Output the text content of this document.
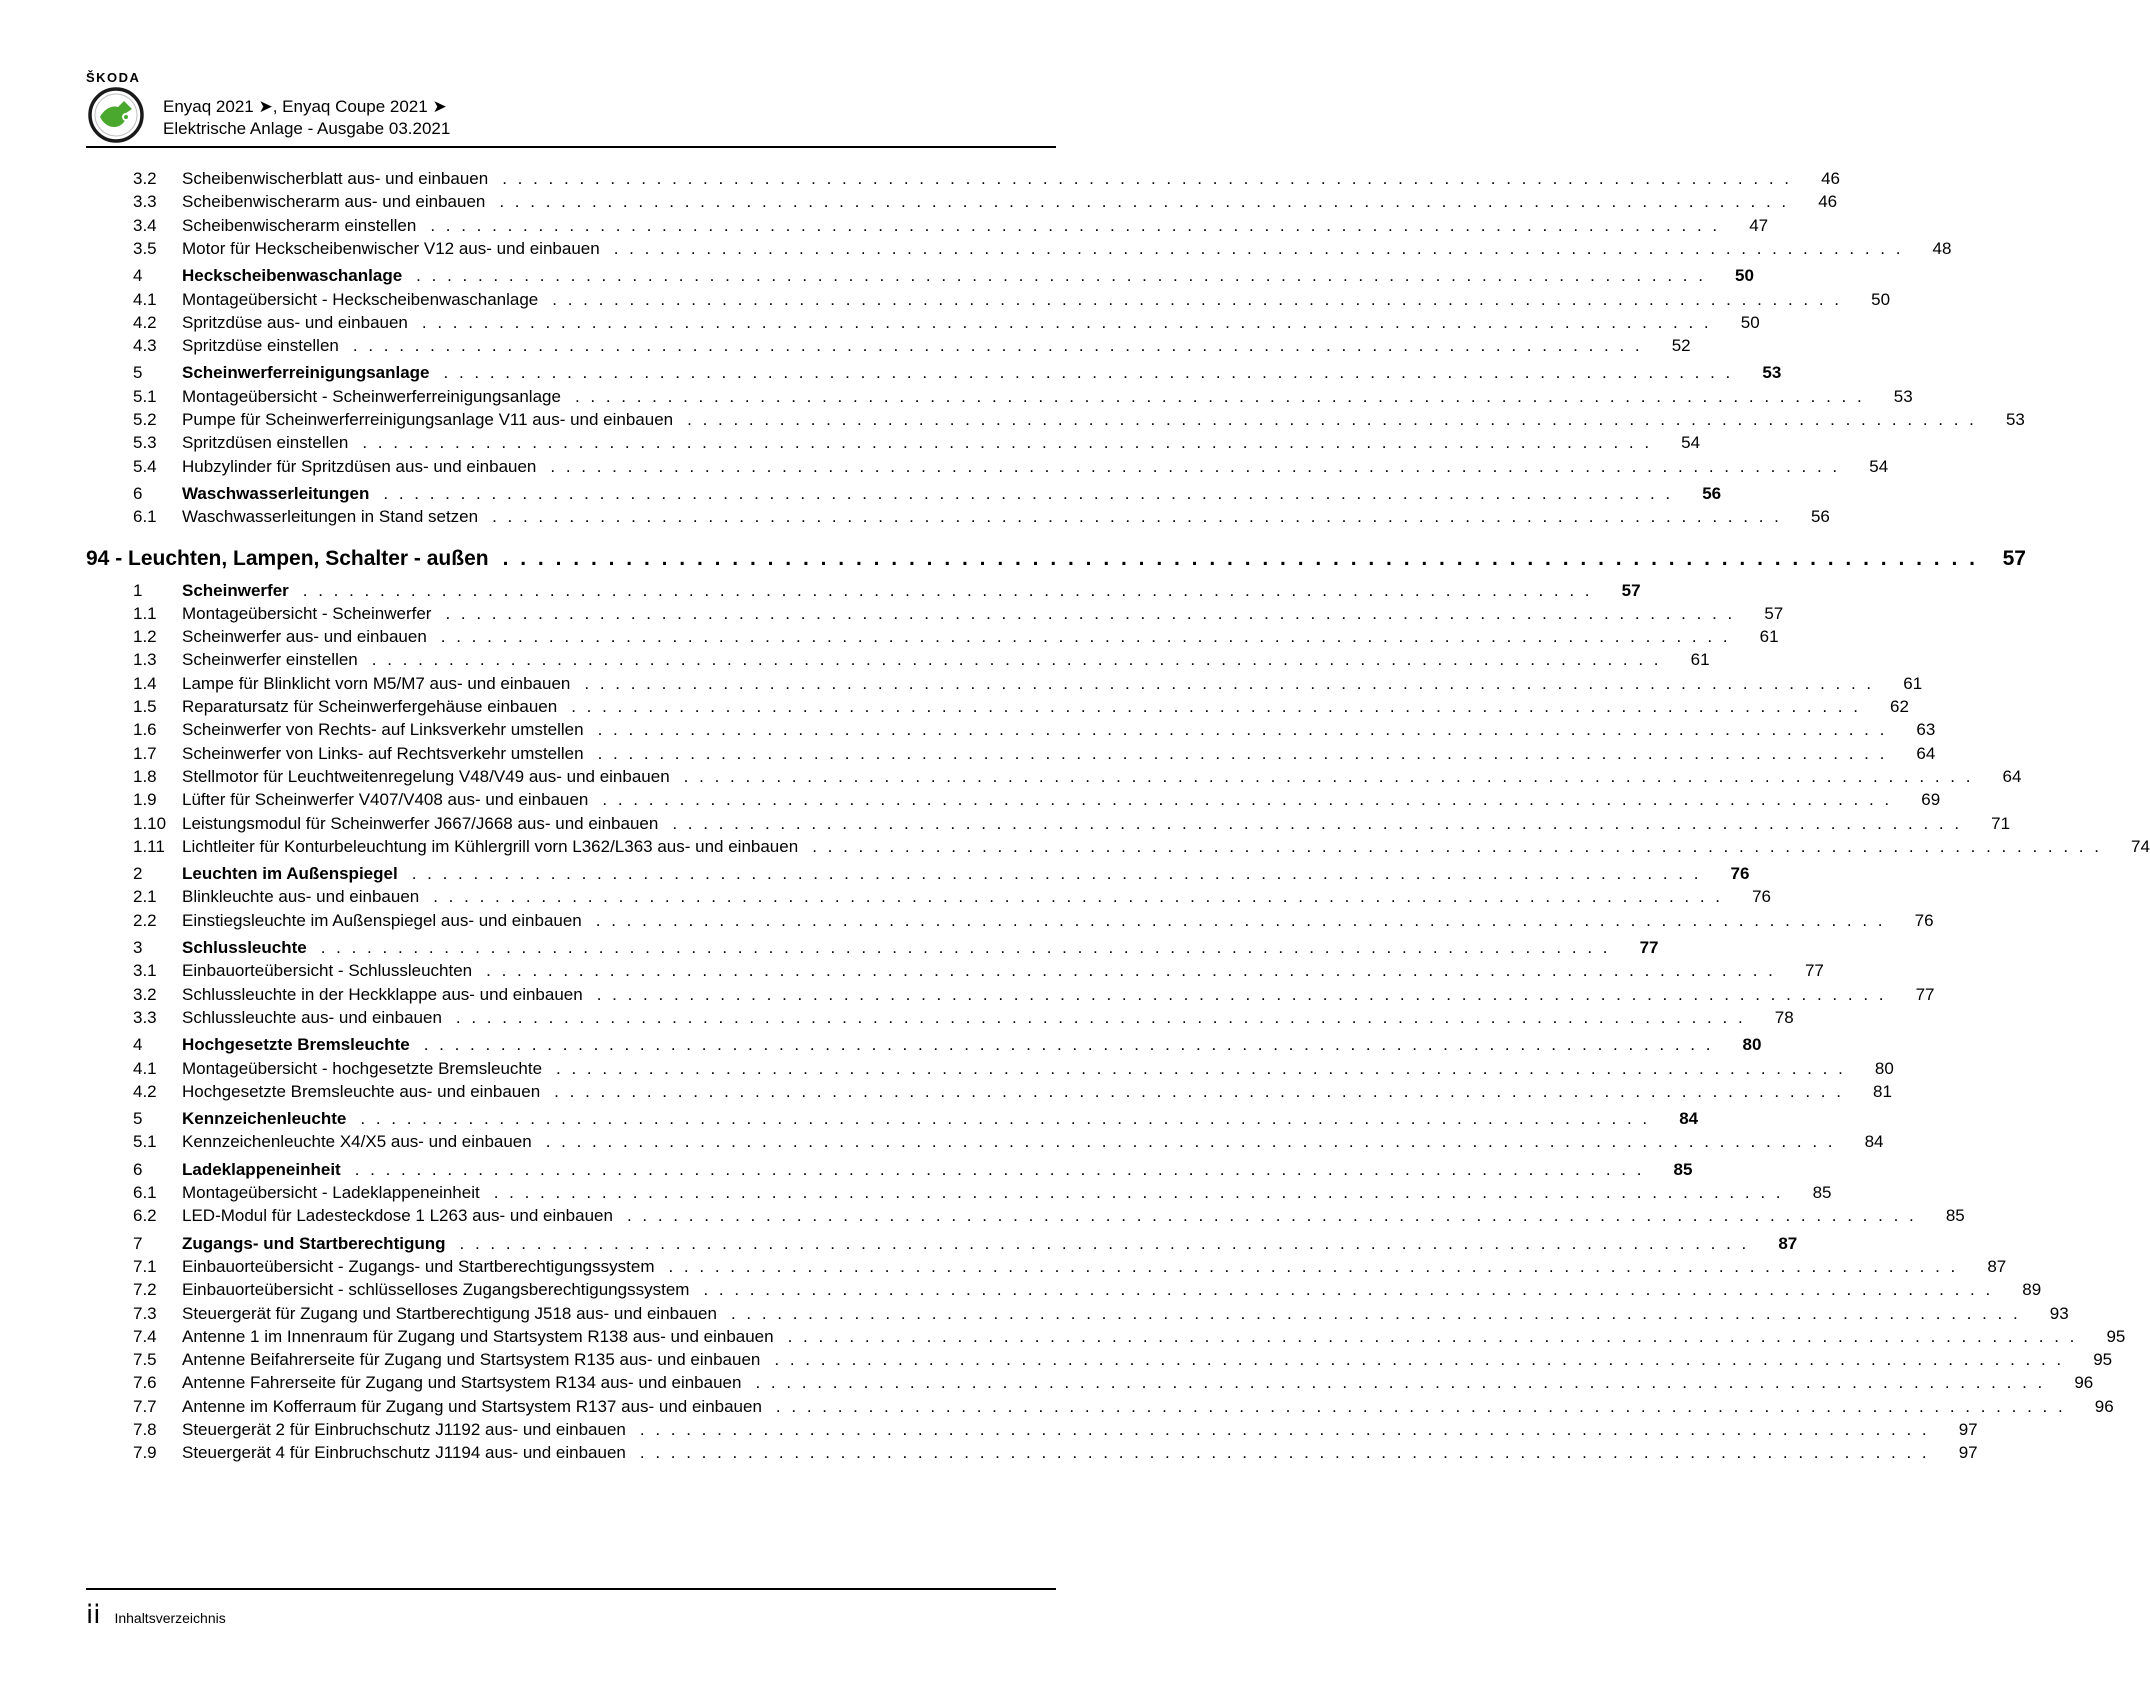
ŠKODA
Enyaq 2021 ➤, Enyaq Coupe 2021 ➤
Elektrische Anlage - Ausgabe 03.2021
3.2	Scheibenwischerblatt aus- und einbauen . . . . . . . . . . . . . . . . . . . . . . . . . . . . . . . . . . . . . . . . . . . . . . . . . . . . . . . . . . . . . . . . . . . . . . . . . . . . . . . . . . . .	46
3.3	Scheibenwischerarm aus- und einbauen . . . . . . . . . . . . . . . . . . . . . . . . . . . . . . . . . . . . . . . . . . . . . . . . . . . . . . . . . . . . . . . . . . . . . . . . . . . . . . . . . . . .	46
3.4	Scheibenwischerarm einstellen . . . . . . . . . . . . . . . . . . . . . . . . . . . . . . . . . . . . . . . . . . . . . . . . . . . . . . . . . . . . . . . . . . . . . . . . . . . . . . . . . . . .	47
3.5	Motor für Heckscheibenwischer V12 aus- und einbauen . . . . . . . . . . . . . . . . . . . . . . . . . . . . . . . . . . . . . . . . . . . . . . . . . . . . . . . . . . . . . . . . . . . . . . . . . . . . . . . . . . . .	48
4	Heckscheibenwaschanlage . . . . . . . . . . . . . . . . . . . . . . . . . . . . . . . . . . . . . . . . . . . . . . . . . . . . . . . . . . . . . . . . . . . . . . . . . . . . . . . . . . . .	50
4.1	Montageübersicht - Heckscheibenwaschanlage . . . . . . . . . . . . . . . . . . . . . . . . . . . . . . . . . . . . . . . . . . . . . . . . . . . . . . . . . . . . . . . . . . . . . . . . . . . . . . . . . . . .	50
4.2	Spritzdüse aus- und einbauen . . . . . . . . . . . . . . . . . . . . . . . . . . . . . . . . . . . . . . . . . . . . . . . . . . . . . . . . . . . . . . . . . . . . . . . . . . . . . . . . . . . .	50
4.3	Spritzdüse einstellen . . . . . . . . . . . . . . . . . . . . . . . . . . . . . . . . . . . . . . . . . . . . . . . . . . . . . . . . . . . . . . . . . . . . . . . . . . . . . . . . . . . .	52
5	Scheinwerferreinigungsanlage . . . . . . . . . . . . . . . . . . . . . . . . . . . . . . . . . . . . . . . . . . . . . . . . . . . . . . . . . . . . . . . . . . . . . . . . . . . . . . . . . . . .	53
5.1	Montageübersicht - Scheinwerferreinigungsanlage . . . . . . . . . . . . . . . . . . . . . . . . . . . . . . . . . . . . . . . . . . . . . . . . . . . . . . . . . . . . . . . . . . . . . . . . . . . . . . . . . . . .	53
5.2	Pumpe für Scheinwerferreinigungsanlage V11 aus- und einbauen . . . . . . . . . . . . . . . . . . . . . . . . . . . . . . . . . . . . . . . . . . . . . . . . . . . . . . . . . . . . . . . . . . . . . . . . . . . . . . . . . . . .	53
5.3	Spritzdüsen einstellen . . . . . . . . . . . . . . . . . . . . . . . . . . . . . . . . . . . . . . . . . . . . . . . . . . . . . . . . . . . . . . . . . . . . . . . . . . . . . . . . . . . .	54
5.4	Hubzylinder für Spritzdüsen aus- und einbauen . . . . . . . . . . . . . . . . . . . . . . . . . . . . . . . . . . . . . . . . . . . . . . . . . . . . . . . . . . . . . . . . . . . . . . . . . . . . . . . . . . . .	54
6	Waschwasserleitungen . . . . . . . . . . . . . . . . . . . . . . . . . . . . . . . . . . . . . . . . . . . . . . . . . . . . . . . . . . . . . . . . . . . . . . . . . . . . . . . . . . . .	56
6.1	Waschwasserleitungen in Stand setzen . . . . . . . . . . . . . . . . . . . . . . . . . . . . . . . . . . . . . . . . . . . . . . . . . . . . . . . . . . . . . . . . . . . . . . . . . . . . . . . . . . . .	56
94 - Leuchten, Lampen, Schalter - außen . . . . . . . . . . . . . . . . . . . . . . . . . . . . . . . . . . . . . . . . . . . . . . . . . . . . . . . . . . . . . . . . . . . . . . . . . . . . . . . . . . . .	57
1	Scheinwerfer . . . . . . . . . . . . . . . . . . . . . . . . . . . . . . . . . . . . . . . . . . . . . . . . . . . . . . . . . . . . . . . . . . . . . . . . . . . . . . . . . . . .	57
1.1	Montageübersicht - Scheinwerfer . . . . . . . . . . . . . . . . . . . . . . . . . . . . . . . . . . . . . . . . . . . . . . . . . . . . . . . . . . . . . . . . . . . . . . . . . . . . . . . . . . . .	57
1.2	Scheinwerfer aus- und einbauen . . . . . . . . . . . . . . . . . . . . . . . . . . . . . . . . . . . . . . . . . . . . . . . . . . . . . . . . . . . . . . . . . . . . . . . . . . . . . . . . . . . .	61
1.3	Scheinwerfer einstellen . . . . . . . . . . . . . . . . . . . . . . . . . . . . . . . . . . . . . . . . . . . . . . . . . . . . . . . . . . . . . . . . . . . . . . . . . . . . . . . . . . . .	61
1.4	Lampe für Blinklicht vorn M5/M7 aus- und einbauen . . . . . . . . . . . . . . . . . . . . . . . . . . . . . . . . . . . . . . . . . . . . . . . . . . . . . . . . . . . . . . . . . . . . . . . . . . . . . . . . . . . .	61
1.5	Reparatursatz für Scheinwerfergehäuse einbauen . . . . . . . . . . . . . . . . . . . . . . . . . . . . . . . . . . . . . . . . . . . . . . . . . . . . . . . . . . . . . . . . . . . . . . . . . . . . . . . . . . . .	62
1.6	Scheinwerfer von Rechts- auf Linksverkehr umstellen . . . . . . . . . . . . . . . . . . . . . . . . . . . . . . . . . . . . . . . . . . . . . . . . . . . . . . . . . . . . . . . . . . . . . . . . . . . . . . . . . . . .	63
1.7	Scheinwerfer von Links- auf Rechtsverkehr umstellen . . . . . . . . . . . . . . . . . . . . . . . . . . . . . . . . . . . . . . . . . . . . . . . . . . . . . . . . . . . . . . . . . . . . . . . . . . . . . . . . . . . .	64
1.8	Stellmotor für Leuchtweitenregelung V48/V49 aus- und einbauen . . . . . . . . . . . . . . . . . . . . . . . . . . . . . . . . . . . . . . . . . . . . . . . . . . . . . . . . . . . . . . . . . . . . . . . . . . . . . . . . . . . .	64
1.9	Lüfter für Scheinwerfer V407/V408 aus- und einbauen . . . . . . . . . . . . . . . . . . . . . . . . . . . . . . . . . . . . . . . . . . . . . . . . . . . . . . . . . . . . . . . . . . . . . . . . . . . . . . . . . . . .	69
1.10 Leistungsmodul für Scheinwerfer J667/J668 aus- und einbauen . . . . . . . . . . . . . . . . . . . . . . . . . . . . . . . . . . . . . . . . . . . . . . . . . . . . . . . . . . . . . . . . . . . . . . . . . . . . . . . . . . . .	71
1.11	Lichtleiter für Konturbeleuchtung im Kühlergrill vorn L362/L363 aus- und einbauen . . . . . . . . . . . . . . . . . . . . . . . . . . . . . . . . . . . . . . . . . . . . . . . . . . . . . . . . . . . . . . . . . . . . . . . . . . . . . . . . . . . .	74
2	Leuchten im Außenspiegel . . . . . . . . . . . . . . . . . . . . . . . . . . . . . . . . . . . . . . . . . . . . . . . . . . . . . . . . . . . . . . . . . . . . . . . . . . . . . . . . . . . .	76
2.1	Blinkleuchte aus- und einbauen . . . . . . . . . . . . . . . . . . . . . . . . . . . . . . . . . . . . . . . . . . . . . . . . . . . . . . . . . . . . . . . . . . . . . . . . . . . . . . . . . . . .	76
2.2	Einstiegsleuchte im Außenspiegel aus- und einbauen . . . . . . . . . . . . . . . . . . . . . . . . . . . . . . . . . . . . . . . . . . . . . . . . . . . . . . . . . . . . . . . . . . . . . . . . . . . . . . . . . . . .	76
3	Schlussleuchte . . . . . . . . . . . . . . . . . . . . . . . . . . . . . . . . . . . . . . . . . . . . . . . . . . . . . . . . . . . . . . . . . . . . . . . . . . . . . . . . . . . .	77
3.1	Einbauorteübersicht - Schlussleuchten . . . . . . . . . . . . . . . . . . . . . . . . . . . . . . . . . . . . . . . . . . . . . . . . . . . . . . . . . . . . . . . . . . . . . . . . . . . . . . . . . . . .	77
3.2	Schlussleuchte in der Heckklappe aus- und einbauen . . . . . . . . . . . . . . . . . . . . . . . . . . . . . . . . . . . . . . . . . . . . . . . . . . . . . . . . . . . . . . . . . . . . . . . . . . . . . . . . . . . .	77
3.3	Schlussleuchte aus- und einbauen . . . . . . . . . . . . . . . . . . . . . . . . . . . . . . . . . . . . . . . . . . . . . . . . . . . . . . . . . . . . . . . . . . . . . . . . . . . . . . . . . . . .	78
4	Hochgesetzte Bremsleuchte . . . . . . . . . . . . . . . . . . . . . . . . . . . . . . . . . . . . . . . . . . . . . . . . . . . . . . . . . . . . . . . . . . . . . . . . . . . . . . . . . . . .	80
4.1	Montageübersicht - hochgesetzte Bremsleuchte . . . . . . . . . . . . . . . . . . . . . . . . . . . . . . . . . . . . . . . . . . . . . . . . . . . . . . . . . . . . . . . . . . . . . . . . . . . . . . . . . . . .	80
4.2	Hochgesetzte Bremsleuchte aus- und einbauen . . . . . . . . . . . . . . . . . . . . . . . . . . . . . . . . . . . . . . . . . . . . . . . . . . . . . . . . . . . . . . . . . . . . . . . . . . . . . . . . . . . .	81
5	Kennzeichenleuchte . . . . . . . . . . . . . . . . . . . . . . . . . . . . . . . . . . . . . . . . . . . . . . . . . . . . . . . . . . . . . . . . . . . . . . . . . . . . . . . . . . . .	84
5.1	Kennzeichenleuchte X4/X5 aus- und einbauen . . . . . . . . . . . . . . . . . . . . . . . . . . . . . . . . . . . . . . . . . . . . . . . . . . . . . . . . . . . . . . . . . . . . . . . . . . . . . . . . . . . .	84
6	Ladeklappeneinheit . . . . . . . . . . . . . . . . . . . . . . . . . . . . . . . . . . . . . . . . . . . . . . . . . . . . . . . . . . . . . . . . . . . . . . . . . . . . . . . . . . . .	85
6.1	Montageübersicht - Ladeklappeneinheit . . . . . . . . . . . . . . . . . . . . . . . . . . . . . . . . . . . . . . . . . . . . . . . . . . . . . . . . . . . . . . . . . . . . . . . . . . . . . . . . . . . .	85
6.2	LED-Modul für Ladesteckdose 1 L263 aus- und einbauen . . . . . . . . . . . . . . . . . . . . . . . . . . . . . . . . . . . . . . . . . . . . . . . . . . . . . . . . . . . . . . . . . . . . . . . . . . . . . . . . . . . .	85
7	Zugangs- und Startberechtigung . . . . . . . . . . . . . . . . . . . . . . . . . . . . . . . . . . . . . . . . . . . . . . . . . . . . . . . . . . . . . . . . . . . . . . . . . . . . . . . . . . . .	87
7.1	Einbauorteübersicht - Zugangs- und Startberechtigungssystem . . . . . . . . . . . . . . . . . . . . . . . . . . . . . . . . . . . . . . . . . . . . . . . . . . . . . . . . . . . . . . . . . . . . . . . . . . . . . . . . . . . .	87
7.2	Einbauorteübersicht - schlüsselloses Zugangsberechtigungssystem . . . . . . . . . . . . . . . . . . . . . . . . . . . . . . . . . . . . . . . . . . . . . . . . . . . . . . . . . . . . . . . . . . . . . . . . . . . . . . . . . . . .	89
7.3	Steuergerät für Zugang und Startberechtigung J518 aus- und einbauen . . . . . . . . . . . . . . . . . . . . . . . . . . . . . . . . . . . . . . . . . . . . . . . . . . . . . . . . . . . . . . . . . . . . . . . . . . . . . . . . . . . .	93
7.4	Antenne 1 im Innenraum für Zugang und Startsystem R138 aus- und einbauen . . . . . . . . . . . . . . . . . . . . . . . . . . . . . . . . . . . . . . . . . . . . . . . . . . . . . . . . . . . . . . . . . . . . . . . . . . . . . . . . . . . .	95
7.5	Antenne Beifahrerseite für Zugang und Startsystem R135 aus- und einbauen . . . . . . . . . . . . . . . . . . . . . . . . . . . . . . . . . . . . . . . . . . . . . . . . . . . . . . . . . . . . . . . . . . . . . . . . . . . . . . . . . . . .	95
7.6	Antenne Fahrerseite für Zugang und Startsystem R134 aus- und einbauen . . . . . . . . . . . . . . . . . . . . . . . . . . . . . . . . . . . . . . . . . . . . . . . . . . . . . . . . . . . . . . . . . . . . . . . . . . . . . . . . . . . .	96
7.7	Antenne im Kofferraum für Zugang und Startsystem R137 aus- und einbauen . . . . . . . . . . . . . . . . . . . . . . . . . . . . . . . . . . . . . . . . . . . . . . . . . . . . . . . . . . . . . . . . . . . . . . . . . . . . . . . . . . . .	96
7.8	Steuergerät 2 für Einbruchschutz J1192 aus- und einbauen . . . . . . . . . . . . . . . . . . . . . . . . . . . . . . . . . . . . . . . . . . . . . . . . . . . . . . . . . . . . . . . . . . . . . . . . . . . . . . . . . . . .	97
7.9	Steuergerät 4 für Einbruchschutz J1194 aus- und einbauen . . . . . . . . . . . . . . . . . . . . . . . . . . . . . . . . . . . . . . . . . . . . . . . . . . . . . . . . . . . . . . . . . . . . . . . . . . . . . . . . . . . .	97
ii Inhaltsverzeichnis
